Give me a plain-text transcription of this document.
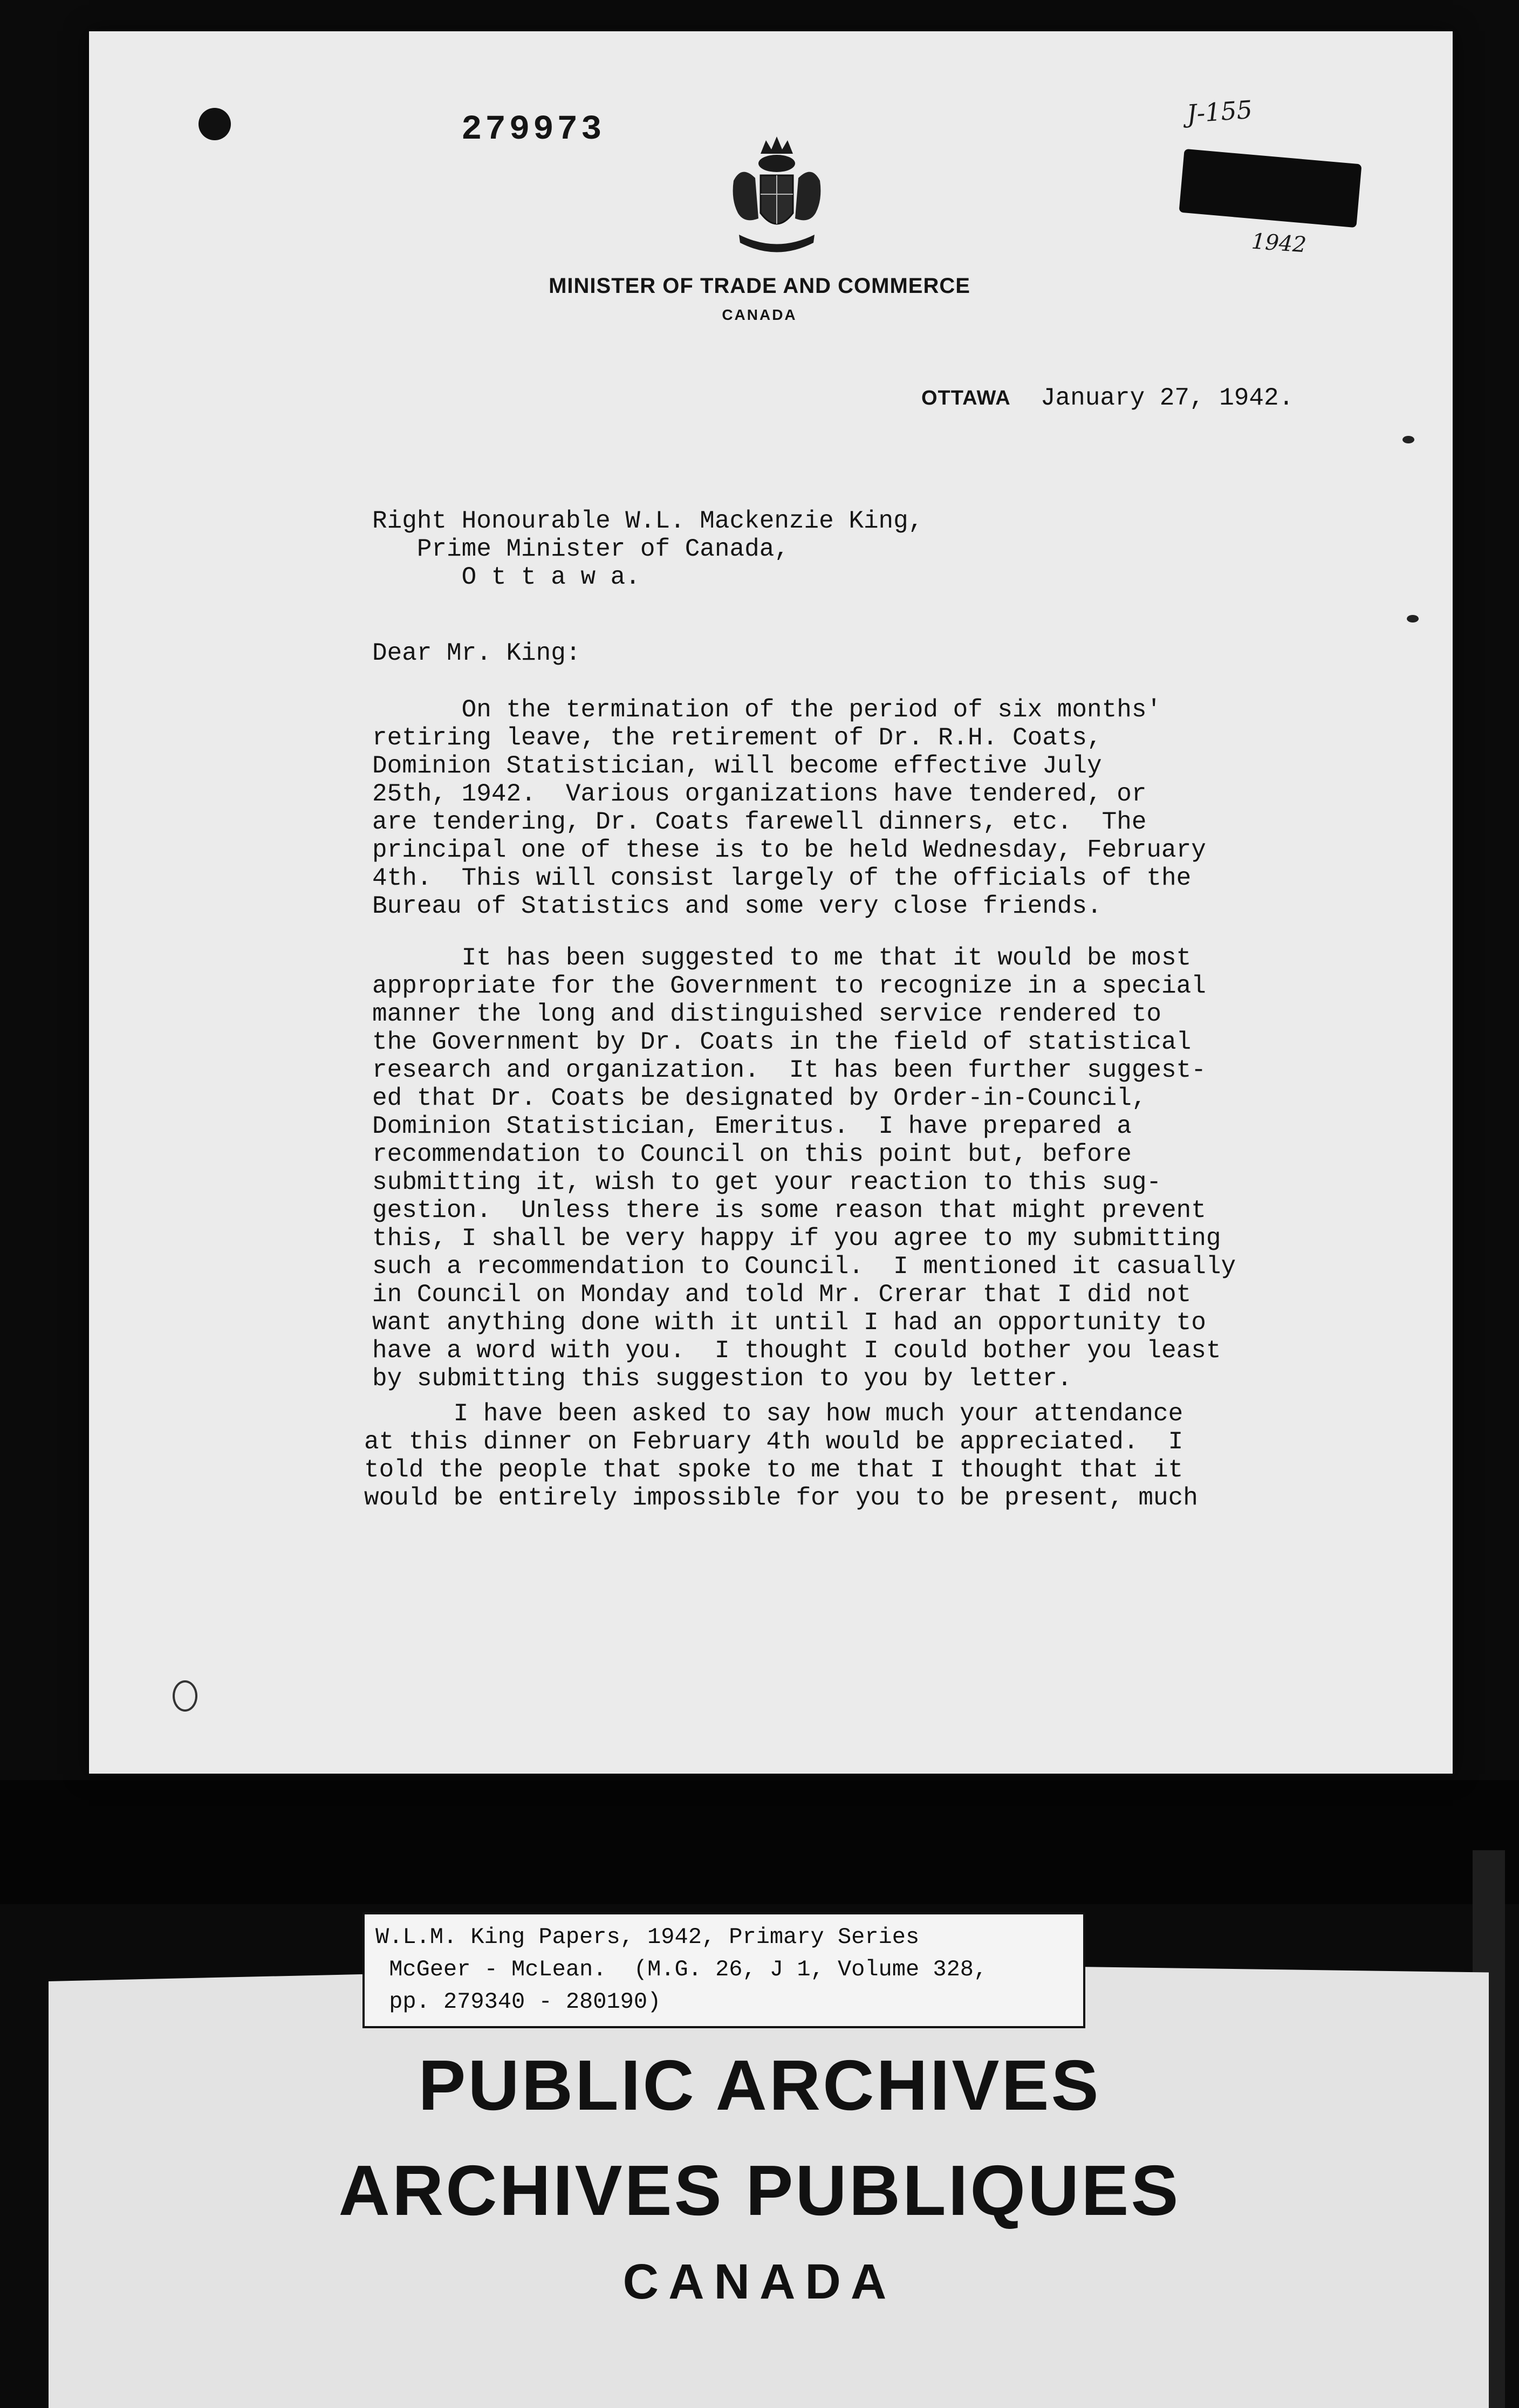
279973
MINISTER OF TRADE AND COMMERCE
CANADA
J-155
1942
OTTAWA January 27, 1942.
Right Honourable W.L. Mackenzie King,
Prime Minister of Canada,
O t t a w a.
Dear Mr. King:
On the termination of the period of six months'
retiring leave, the retirement of Dr. R.H. Coats,
Dominion Statistician, will become effective July
25th, 1942.  Various organizations have tendered, or
are tendering, Dr. Coats farewell dinners, etc.  The
principal one of these is to be held Wednesday, February
4th.  This will consist largely of the officials of the
Bureau of Statistics and some very close friends.
It has been suggested to me that it would be most
appropriate for the Government to recognize in a special
manner the long and distinguished service rendered to
the Government by Dr. Coats in the field of statistical
research and organization.  It has been further suggest-
ed that Dr. Coats be designated by Order-in-Council,
Dominion Statistician, Emeritus.  I have prepared a
recommendation to Council on this point but, before
submitting it, wish to get your reaction to this sug-
gestion.  Unless there is some reason that might prevent
this, I shall be very happy if you agree to my submitting
such a recommendation to Council.  I mentioned it casually
in Council on Monday and told Mr. Crerar that I did not
want anything done with it until I had an opportunity to
have a word with you.  I thought I could bother you least
by submitting this suggestion to you by letter.
I have been asked to say how much your attendance
at this dinner on February 4th would be appreciated.  I
told the people that spoke to me that I thought that it
would be entirely impossible for you to be present, much
PUBLIC ARCHIVES
ARCHIVES PUBLIQUES
CANADA
W.L.M. King Papers, 1942, Primary Series
McGeer - McLean.  (M.G. 26, J 1, Volume 328,
pp. 279340 - 280190)
